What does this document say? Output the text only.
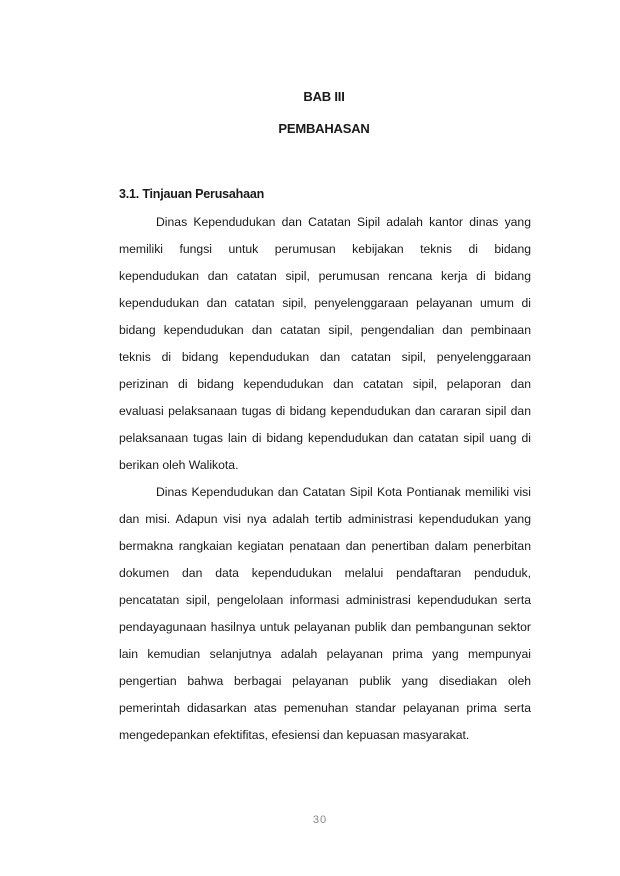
BAB III
PEMBAHASAN
3.1. Tinjauan Perusahaan
Dinas Kependudukan dan Catatan Sipil adalah kantor dinas yang
memiliki fungsi untuk perumusan kebijakan teknis di bidang
kependudukan dan catatan sipil, perumusan rencana kerja di bidang
kependudukan dan catatan sipil, penyelenggaraan pelayanan umum di
bidang kependudukan dan catatan sipil, pengendalian dan pembinaan
teknis di bidang kependudukan dan catatan sipil, penyelenggaraan
perizinan di bidang kependudukan dan catatan sipil, pelaporan dan
evaluasi pelaksanaan tugas di bidang kependudukan dan cararan sipil dan
pelaksanaan tugas lain di bidang kependudukan dan catatan sipil uang di
berikan oleh Walikota.
Dinas Kependudukan dan Catatan Sipil Kota Pontianak memiliki visi
dan misi. Adapun visi nya adalah tertib administrasi kependudukan yang
bermakna rangkaian kegiatan penataan dan penertiban dalam penerbitan
dokumen dan data kependudukan melalui pendaftaran penduduk,
pencatatan sipil, pengelolaan informasi administrasi kependudukan serta
pendayagunaan hasilnya untuk pelayanan publik dan pembangunan sektor
lain kemudian selanjutnya adalah pelayanan prima yang mempunyai
pengertian bahwa berbagai pelayanan publik yang disediakan oleh
pemerintah didasarkan atas pemenuhan standar pelayanan prima serta
mengedepankan efektifitas, efesiensi dan kepuasan masyarakat.
30
